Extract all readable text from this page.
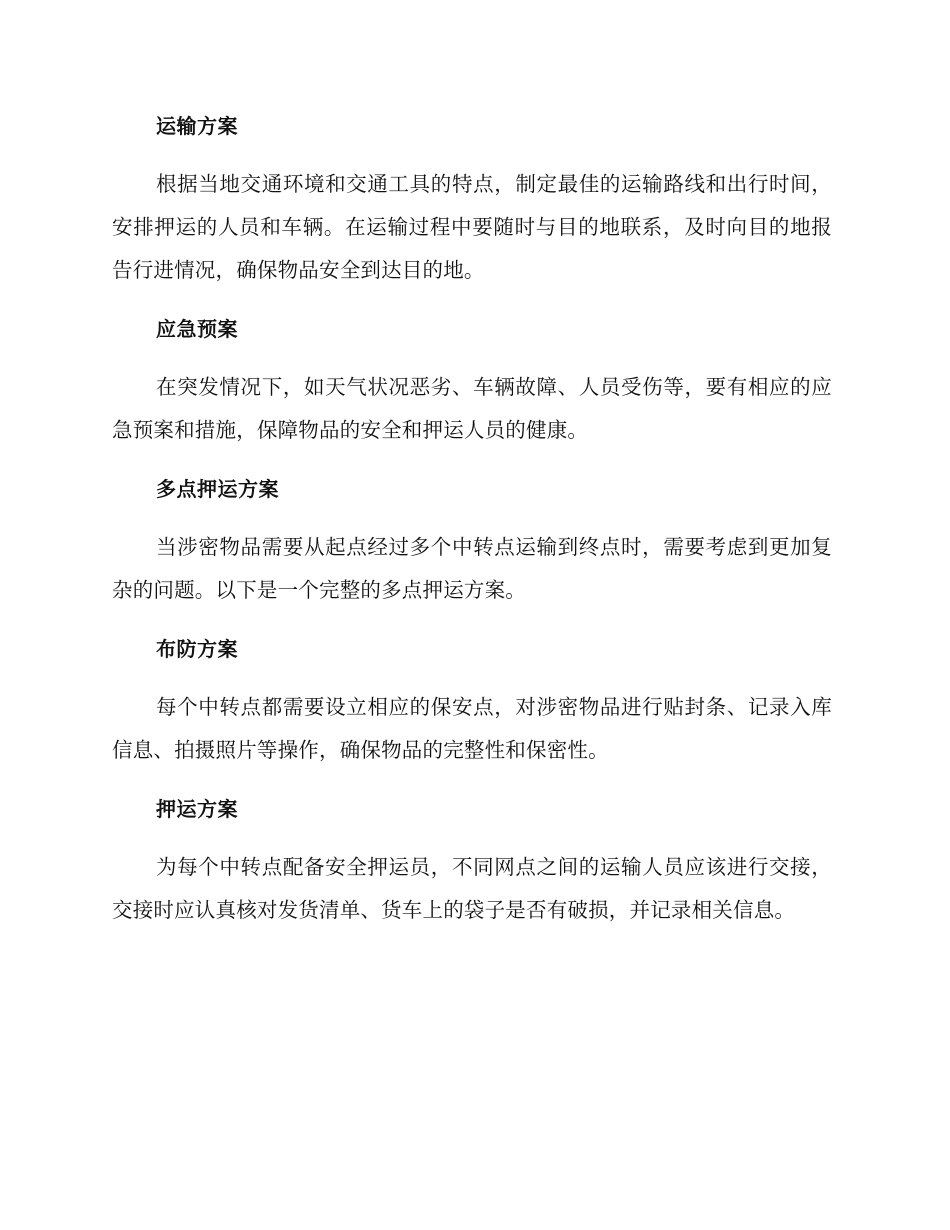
运输方案
根据当地交通环境和交通工具的特点，制定最佳的运输路线和出行时间，安排押运的人员和车辆。在运输过程中要随时与目的地联系，及时向目的地报告行进情况，确保物品安全到达目的地。
应急预案
在突发情况下，如天气状况恶劣、车辆故障、人员受伤等，要有相应的应急预案和措施，保障物品的安全和押运人员的健康。
多点押运方案
当涉密物品需要从起点经过多个中转点运输到终点时，需要考虑到更加复杂的问题。以下是一个完整的多点押运方案。
布防方案
每个中转点都需要设立相应的保安点，对涉密物品进行贴封条、记录入库信息、拍摄照片等操作，确保物品的完整性和保密性。
押运方案
为每个中转点配备安全押运员，不同网点之间的运输人员应该进行交接，交接时应认真核对发货清单、货车上的袋子是否有破损，并记录相关信息。
